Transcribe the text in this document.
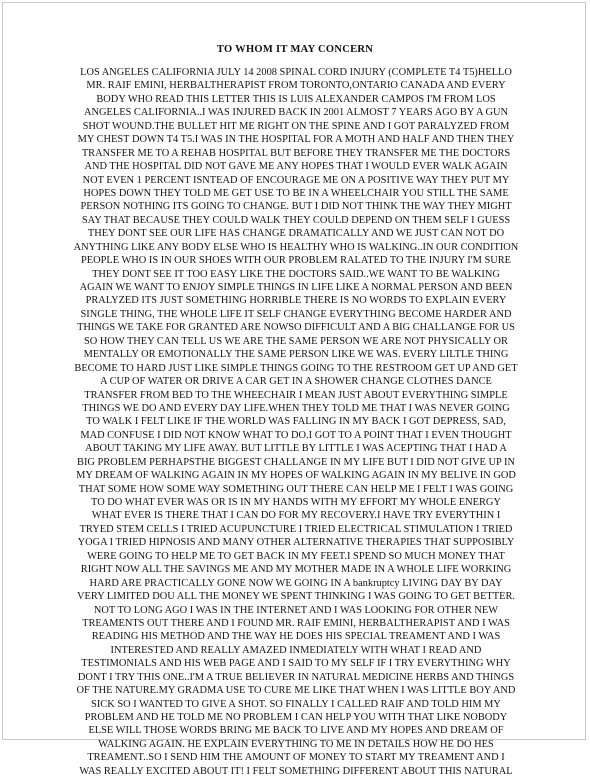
TO WHOM IT MAY CONCERN
LOS ANGELES CALIFORNIA JULY 14 2008 SPINAL CORD INJURY (COMPLETE T4 T5)HELLO
MR. RAIF EMINI, HERBALTHERAPIST FROM TORONTO,ONTARIO CANADA AND EVERY
BODY WHO READ THIS LETTER THIS IS LUIS ALEXANDER CAMPOS I'M FROM LOS
ANGELES CALIFORNIA..I WAS INJURED BACK IN 2001 ALMOST 7 YEARS AGO BY A GUN
SHOT WOUND.THE BULLET HIT ME RIGHT ON THE SPINE AND I GOT PARALYZED FROM
MY CHEST DOWN T4 T5.I WAS IN THE HOSPITAL FOR A MOTH AND HALF AND THEN THEY
TRANSFER ME TO A REHAB HOSPITAL BUT BEFORE THEY TRANSFER ME THE DOCTORS
AND THE HOSPITAL DID NOT GAVE ME ANY HOPES THAT I WOULD EVER WALK AGAIN
NOT EVEN 1 PERCENT ISNTEAD OF ENCOURAGE ME ON A POSITIVE WAY THEY PUT MY
HOPES DOWN THEY TOLD ME GET USE TO BE IN A WHEELCHAIR YOU STILL THE SAME
PERSON NOTHING ITS GOING TO CHANGE. BUT I DID NOT THINK THE WAY THEY MIGHT
SAY THAT BECAUSE THEY COULD WALK THEY COULD DEPEND ON THEM SELF I GUESS
THEY DONT SEE OUR LIFE HAS CHANGE DRAMATICALLY AND WE JUST CAN NOT DO
ANYTHING LIKE ANY BODY ELSE WHO IS HEALTHY WHO IS WALKING..IN OUR CONDITION
PEOPLE WHO IS IN OUR SHOES WITH OUR PROBLEM RALATED TO THE INJURY I'M SURE
THEY DONT SEE IT TOO EASY LIKE THE DOCTORS SAID..WE WANT TO BE WALKING
AGAIN WE WANT TO ENJOY SIMPLE THINGS IN LIFE LIKE A NORMAL PERSON AND BEEN
PRALYZED ITS JUST SOMETHING HORRIBLE THERE IS NO WORDS TO EXPLAIN EVERY
SINGLE THING, THE WHOLE LIFE IT SELF CHANGE EVERYTHING BECOME HARDER AND
THINGS WE TAKE FOR GRANTED ARE NOWSO DIFFICULT AND A BIG CHALLANGE FOR US
SO HOW THEY CAN TELL US WE ARE THE SAME PERSON WE ARE NOT PHYSICALLY OR
MENTALLY OR EMOTIONALLY THE SAME PERSON LIKE WE WAS. EVERY LILTLE THING
BECOME TO HARD JUST LIKE SIMPLE THINGS GOING TO THE RESTROOM GET UP AND GET
A CUP OF WATER OR DRIVE A CAR GET IN A SHOWER CHANGE CLOTHES DANCE
TRANSFER FROM BED TO THE WHEECHAIR I MEAN JUST ABOUT EVERYTHING SIMPLE
THINGS WE DO AND EVERY DAY LIFE.WHEN THEY TOLD ME THAT I WAS NEVER GOING
TO WALK I FELT LIKE IF THE WORLD WAS FALLING IN MY BACK I GOT DEPRESS, SAD,
MAD CONFUSE I DID NOT KNOW WHAT TO DO.I GOT TO A POINT THAT I EVEN THOUGHT
ABOUT TAKING MY LIFE AWAY. BUT LITTLE BY LITTLE I WAS ACEPTING THAT I HAD A
BIG PROBLEM PERHAPSTHE BIGGEST CHALLANGE IN MY LIFE BUT I DID NOT GIVE UP IN
MY DREAM OF WALKING AGAIN IN MY HOPES OF WALKING AGAIN IN MY BELIVE IN GOD
THAT SOME HOW SOME WAY SOMETHING OUT THERE CAN HELP ME I FELT I WAS GOING
TO DO WHAT EVER WAS OR IS IN MY HANDS WITH MY EFFORT MY WHOLE ENERGY
WHAT EVER IS THERE THAT I CAN DO FOR MY RECOVERY.I HAVE TRY EVERYTHIN I
TRYED STEM CELLS I TRIED ACUPUNCTURE I TRIED ELECTRICAL STIMULATION I TRIED
YOGA I TRIED HIPNOSIS AND MANY OTHER ALTERNATIVE THERAPIES THAT SUPPOSIBLY
WERE GOING TO HELP ME TO GET BACK IN MY FEET.I SPEND SO MUCH MONEY THAT
RIGHT NOW ALL THE SAVINGS ME AND MY MOTHER MADE IN A WHOLE LIFE WORKING
HARD ARE PRACTICALLY GONE NOW WE GOING IN A bankruptcy LIVING DAY BY DAY
VERY LIMITED DOU ALL THE MONEY WE SPENT THINKING I WAS GOING TO GET BETTER.
NOT TO LONG AGO I WAS IN THE INTERNET AND I WAS LOOKING FOR OTHER NEW
TREAMENTS OUT THERE AND I FOUND MR. RAIF EMINI, HERBALTHERAPIST AND I WAS
READING HIS METHOD AND THE WAY HE DOES HIS SPECIAL TREAMENT AND I WAS
INTERESTED AND REALLY AMAZED INMEDIATELY WITH WHAT I READ AND
TESTIMONIALS AND HIS WEB PAGE AND I SAID TO MY SELF IF I TRY EVERYTHING WHY
DONT I TRY THIS ONE..I'M A TRUE BELIEVER IN NATURAL MEDICINE HERBS AND THINGS
OF THE NATURE.MY GRADMA USE TO CURE ME LIKE THAT WHEN I WAS LITTLE BOY AND
SICK SO I WANTED TO GIVE A SHOT. SO FINALLY I CALLED RAIF AND TOLD HIM MY
PROBLEM AND HE TOLD ME NO PROBLEM I CAN HELP YOU WITH THAT LIKE NOBODY
ELSE WILL THOSE WORDS BRING ME BACK TO LIVE AND MY HOPES AND DREAM OF
WALKING AGAIN. HE EXPLAIN EVERYTHING TO ME IN DETAILS HOW HE DO HES
TREAMENT..SO I SEND HIM THE AMOUNT OF MONEY TO START MY TREAMENT AND I
WAS REALLY EXCITED ABOUT IT! I FELT SOMETHING DIFFERENT ABOUT THIS NATURAL
